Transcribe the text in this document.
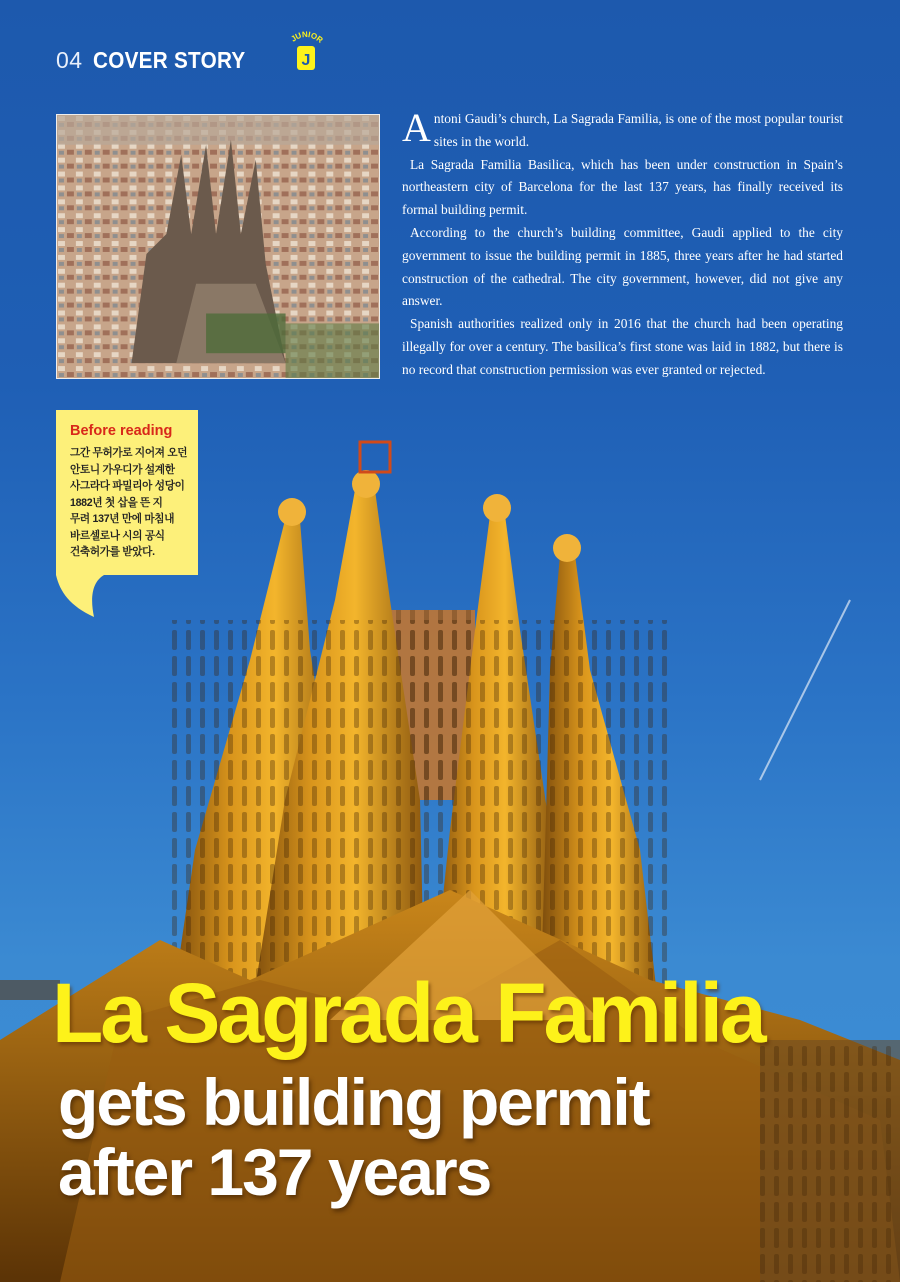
04 COVER STORY
JUNIOR
J

Antoni Gaudi’s church, La Sagrada Familia, is one of the most popular tourist sites in the world.

La Sagrada Familia Basilica, which has been under construction in Spain’s northeastern city of Barcelona for the last 137 years, has finally received its formal building permit.

According to the church’s building committee, Gaudi applied to the city government to issue the building permit in 1885, three years after he had started construction of the cathedral. The city government, however, did not give any answer.

Spanish authorities realized only in 2016 that the church had been operating illegally for over a century. The basilica’s first stone was laid in 1882, but there is no record that construction permission was ever granted or rejected.

Before reading
그간 무허가로 지어져 오던
안토니 가우디가 설계한
사그라다 파밀리아 성당이
1882년 첫 삽을 뜬 지
무려 137년 만에 마침내
바르셀로나 시의 공식
건축허가를 받았다.
La Sagrada Familia
gets building permit
after 137 years
